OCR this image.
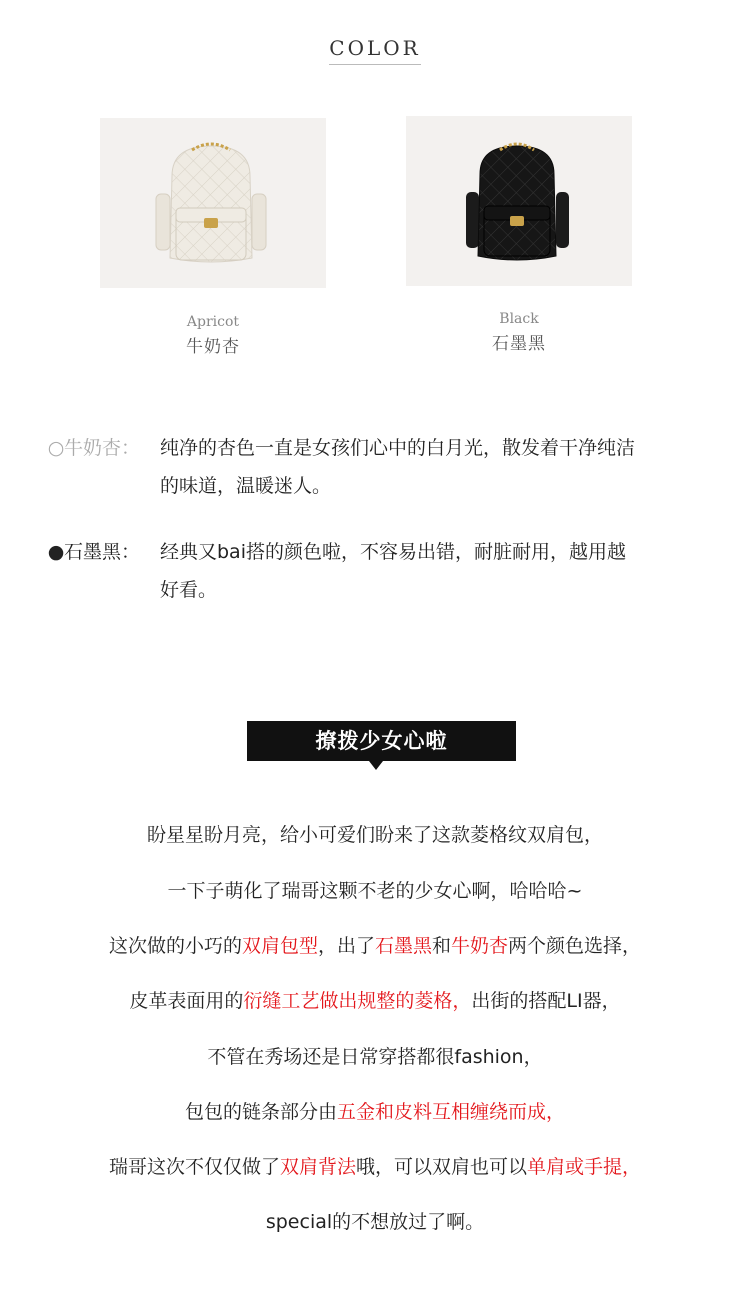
COLOR
Apricot
牛奶杏
Black
石墨黑
○ 牛奶杏： 纯净的杏色一直是女孩们心中的白月光，散发着干净纯洁
的味道，温暖迷人。
● 石墨黑： 经典又bai搭的颜色啦，不容易出错，耐脏耐用，越用越
好看。
撩拨少女心啦
盼星星盼月亮，给小可爱们盼来了这款菱格纹双肩包，
一下子萌化了瑞哥这颗不老的少女心啊，哈哈哈~
这次做的小巧的双肩包型，出了石墨黑和牛奶杏两个颜色选择，
皮革表面用的衍缝工艺做出规整的菱格，出街的搭配LI器，
不管在秀场还是日常穿搭都很fashion，
包包的链条部分由五金和皮料互相缠绕而成，
瑞哥这次不仅仅做了双肩背法哦，可以双肩也可以单肩或手提，
special的不想放过了啊。
